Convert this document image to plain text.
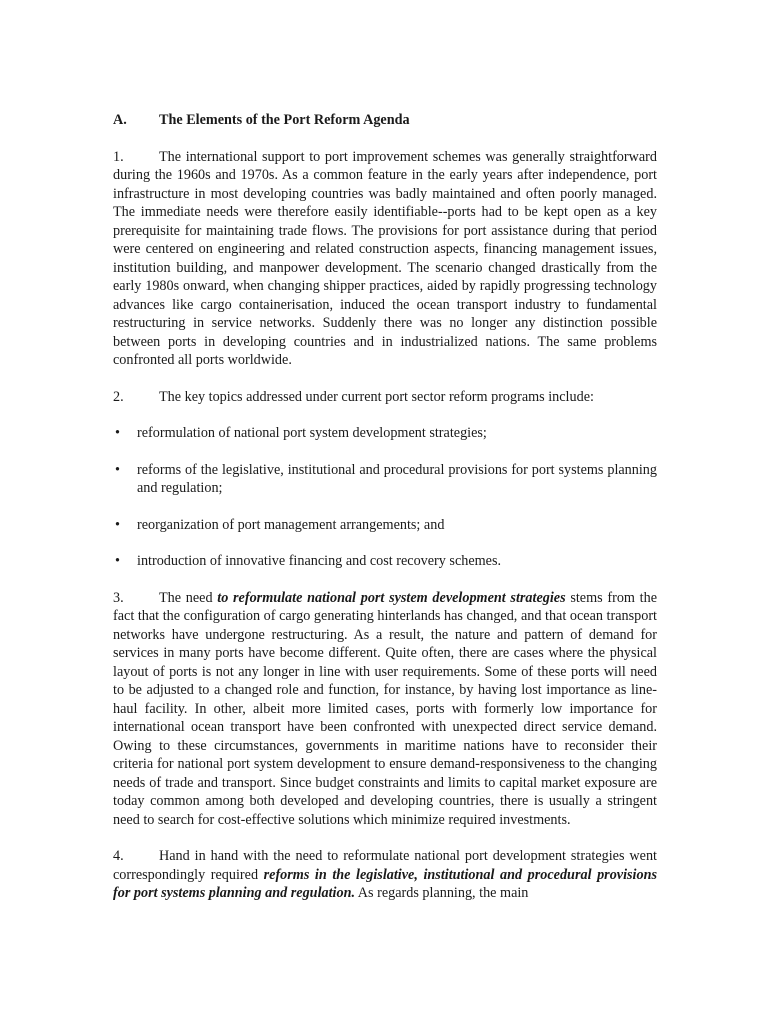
A. The Elements of the Port Reform Agenda

1. The international support to port improvement schemes was generally straightforward during the 1960s and 1970s. As a common feature in the early years after independence, port infrastructure in most developing countries was badly maintained and often poorly managed. The immediate needs were therefore easily identifiable--ports had to be kept open as a key prerequisite for maintaining trade flows. The provisions for port assistance during that period were centered on engineering and related construction aspects, financing management issues, institution building, and manpower development. The scenario changed drastically from the early 1980s onward, when changing shipper practices, aided by rapidly progressing technology advances like cargo containerisation, induced the ocean transport industry to fundamental restructuring in service networks. Suddenly there was no longer any distinction possible between ports in developing countries and in industrialized nations. The same problems confronted all ports worldwide.

2. The key topics addressed under current port sector reform programs include:

• reformulation of national port system development strategies;
• reforms of the legislative, institutional and procedural provisions for port systems planning and regulation;
• reorganization of port management arrangements; and
• introduction of innovative financing and cost recovery schemes.

3. The need to reformulate national port system development strategies stems from the fact that the configuration of cargo generating hinterlands has changed, and that ocean transport networks have undergone restructuring. As a result, the nature and pattern of demand for services in many ports have become different. Quite often, there are cases where the physical layout of ports is not any longer in line with user requirements. Some of these ports will need to be adjusted to a changed role and function, for instance, by having lost importance as line-haul facility. In other, albeit more limited cases, ports with formerly low importance for international ocean transport have been confronted with unexpected direct service demand. Owing to these circumstances, governments in maritime nations have to reconsider their criteria for national port system development to ensure demand-responsiveness to the changing needs of trade and transport. Since budget constraints and limits to capital market exposure are today common among both developed and developing countries, there is usually a stringent need to search for cost-effective solutions which minimize required investments.

4. Hand in hand with the need to reformulate national port development strategies went correspondingly required reforms in the legislative, institutional and procedural provisions for port systems planning and regulation. As regards planning, the main
